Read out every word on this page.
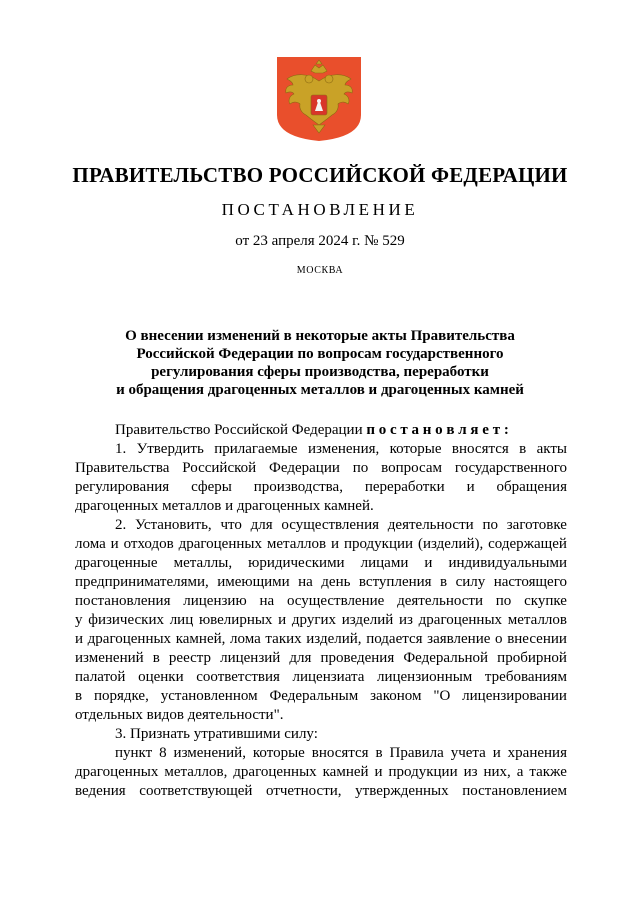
ПРАВИТЕЛЬСТВО РОССИЙСКОЙ ФЕДЕРАЦИИ
ПОСТАНОВЛЕНИЕ
от 23 апреля 2024 г. № 529
МОСКВА
О внесении изменений в некоторые акты Правительства
Российской Федерации по вопросам государственного
регулирования сферы производства, переработки
и обращения драгоценных металлов и драгоценных камней
Правительство Российской Федерации
п о с т а н о в л я е т :
1. Утвердить прилагаемые изменения, которые вносятся в акты
Правительства Российской Федерации по вопросам государственного
регулирования сферы производства, переработки и обращения
драгоценных металлов и драгоценных камней.
2. Установить, что для осуществления деятельности по заготовке
лома и отходов драгоценных металлов и продукции (изделий), содержащей
драгоценные металлы, юридическими лицами и индивидуальными
предпринимателями, имеющими на день вступления в силу настоящего
постановления лицензию на осуществление деятельности по скупке
у физических лиц ювелирных и других изделий из драгоценных металлов
и драгоценных камней, лома таких изделий, подается заявление о внесении
изменений в реестр лицензий для проведения Федеральной пробирной
палатой оценки соответствия лицензиата лицензионным требованиям
в порядке, установленном Федеральным законом "О лицензировании
отдельных видов деятельности".
3. Признать утратившими силу:
пункт 8 изменений, которые вносятся в Правила учета и хранения
драгоценных металлов, драгоценных камней и продукции из них, а также
ведения соответствующей отчетности, утвержденных постановлением
